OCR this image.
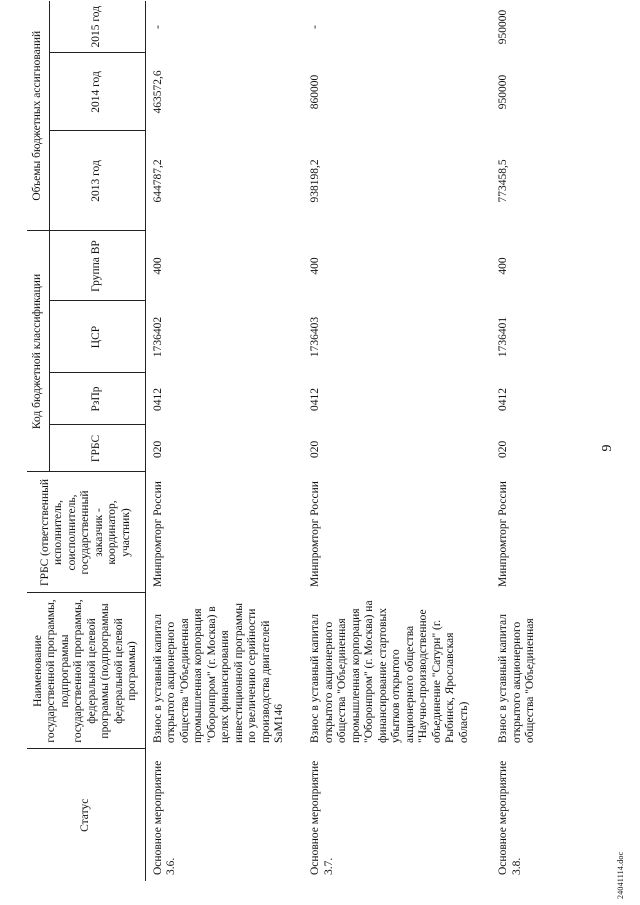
Статус	Наименование государственной программы, подпрограммы государственной программы, федеральной целевой программы (подпрограммы федеральной целевой программы)	ГРБС (ответственный исполнитель, соисполнитель, государственный заказчик - координатор, участник)	Код бюджетной классификации				Объемы бюджетных ассигнований		
			ГРБС	РзПр	ЦСР	Группа ВР	2013 год	2014 год	2015 год
Основное мероприятие 3.6.	Взнос в уставный капитал открытого акционерного общества "Объединенная промышленная корпорация "Оборонпром" (г. Москва) в целях финансирования инвестиционной программы по увеличению серийности производства двигателей SaM146	Минпромторг России	020	0412	1736402	400	644787,2	463572,6	-
Основное мероприятие 3.7.	Взнос в уставный капитал открытого акционерного общества "Объединенная промышленная корпорация "Оборонпром" (г. Москва) на финансирование стартовых убытков открытого акционерного общества "Научно-производственное объединение "Сатурн" (г. Рыбинск, Ярославская область)	Минпромторг России	020	0412	1736403	400	938198,2	860000	-
Основное мероприятие 3.8.	Взнос в уставный капитал открытого акционерного общества "Объединенная	Минпромторг России	020	0412	1736401	400	773458,5	950000	950000
9
24041114.doc
